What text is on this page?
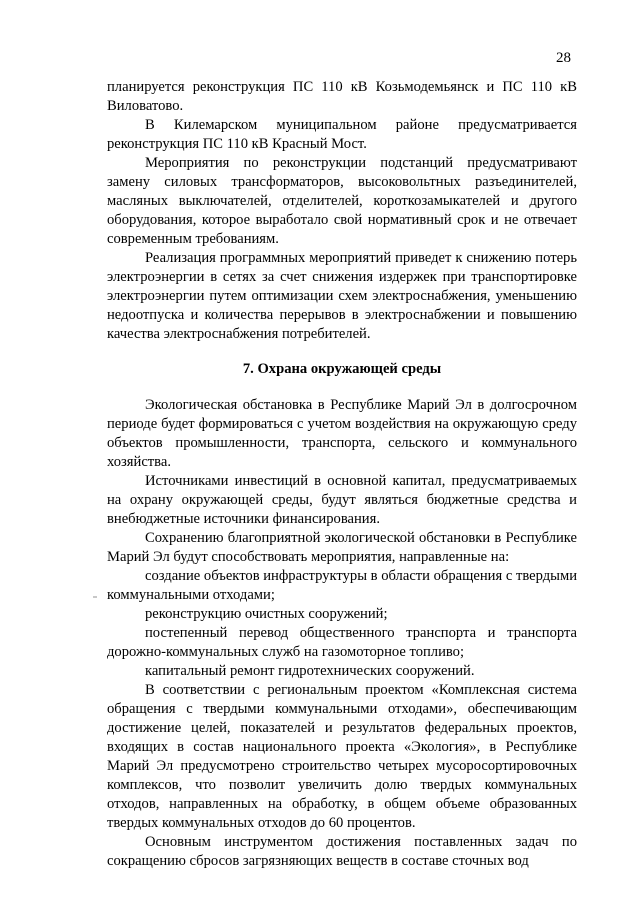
28

планируется реконструкция ПС 110 кВ Козьмодемьянск и ПС 110 кВ Виловатово.

В Килемарском муниципальном районе предусматривается реконструкция ПС 110 кВ Красный Мост.

Мероприятия по реконструкции подстанций предусматривают замену силовых трансформаторов, высоковольтных разъединителей, масляных выключателей, отделителей, короткозамыкателей и другого оборудования, которое выработало свой нормативный срок и не отвечает современным требованиям.

Реализация программных мероприятий приведет к снижению потерь электроэнергии в сетях за счет снижения издержек при транспортировке электроэнергии путем оптимизации схем электроснабжения, уменьшению недоотпуска и количества перерывов в электроснабжении и повышению качества электроснабжения потребителей.

7. Охрана окружающей среды

Экологическая обстановка в Республике Марий Эл в долгосрочном периоде будет формироваться с учетом воздействия на окружающую среду объектов промышленности, транспорта, сельского и коммунального хозяйства.

Источниками инвестиций в основной капитал, предусматриваемых на охрану окружающей среды, будут являться бюджетные средства и внебюджетные источники финансирования.

Сохранению благоприятной экологической обстановки в Республике Марий Эл будут способствовать мероприятия, направленные на:

создание объектов инфраструктуры в области обращения с твердыми коммунальными отходами;

реконструкцию очистных сооружений;

постепенный перевод общественного транспорта и транспорта дорожно-коммунальных служб на газомоторное топливо;

капитальный ремонт гидротехнических сооружений.

В соответствии с региональным проектом «Комплексная система обращения с твердыми коммунальными отходами», обеспечивающим достижение целей, показателей и результатов федеральных проектов, входящих в состав национального проекта «Экология», в Республике Марий Эл предусмотрено строительство четырех мусоросортировочных комплексов, что позволит увеличить долю твердых коммунальных отходов, направленных на обработку, в общем объеме образованных твердых коммунальных отходов до 60 процентов.

Основным инструментом достижения поставленных задач по сокращению сбросов загрязняющих веществ в составе сточных вод
